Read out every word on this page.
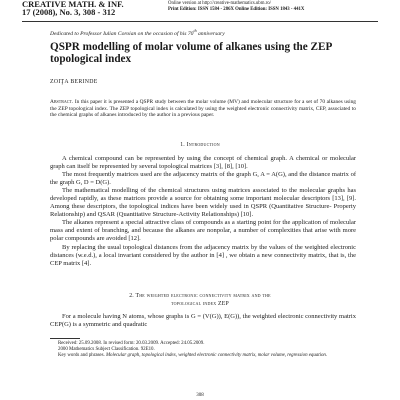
CREATIVE MATH. & INF.
17 (2008), No. 3, 308 - 312
Online version at http://creative-mathematics.ubm.ro/
Print Edition: ISSN 1584 - 286X Online Edition: ISSN 1843 - 441X
Dedicated to Professor Iulian Coroian on the occasion of his 70th anniversary
QSPR modelling of molar volume of alkanes using the ZEP topological index
ZOIŢA BERINDE
Abstract. In this paper it is presented a QSPR study between the molar volume (MV) and molecular structure for a set of 70 alkanes using the ZEP topological index. The ZEP topological index is calculated by using the weighted electronic connectivity matrix, CEP, associated to the chemical graphs of alkanes introduced by the author in a previous paper.
1. Introduction

A chemical compound can be represented by using the concept of chemical graph. A chemical or molecular graph can itself be represented by several topological matrices [3], [8], [10].

The most frequently matrices used are the adjacency matrix of the graph G, A = A(G), and the distance matrix of the graph G, D = D(G).

The mathematical modelling of the chemical structures using matrices associated to the molecular graphs has developed rapidly, as these matrices provide a source for obtaining some important molecular descriptors [13], [9]. Among these descriptors, the topological indices have been widely used in QSPR (Quantitative Structure- Property Relationship) and QSAR (Quantitative Structure-Activity Relationships) [10].

The alkanes represent a special attractive class of compounds as a starting point for the application of molecular mass and extent of branching, and because the alkanes are nonpolar, a number of complexities that arise with more polar compounds are avoided [12].

By replacing the usual topological distances from the adjacency matrix by the values of the weighted electronic distances (w.e.d.), a local invariant considered by the author in [4] , we obtain a new connectivity matrix, that is, the CEP matrix [4].

2. The weighted electronic connectivity matrix and the
topological index ZEP

For a molecule having N atoms, whose graphs is G = (V(G)), E(G)), the weighted electronic connectivity matrix CEP(G) is a symmetric and quadratic

Received: 25.09.2008. In revised form: 20.03.2009. Accepted: 24.05.2009.
2000 Mathematics Subject Classification. 92E10.
Key words and phrases. Molecular graph, topological index, weighted electronic connectivity matrix, molar volume, regression equation.
308
